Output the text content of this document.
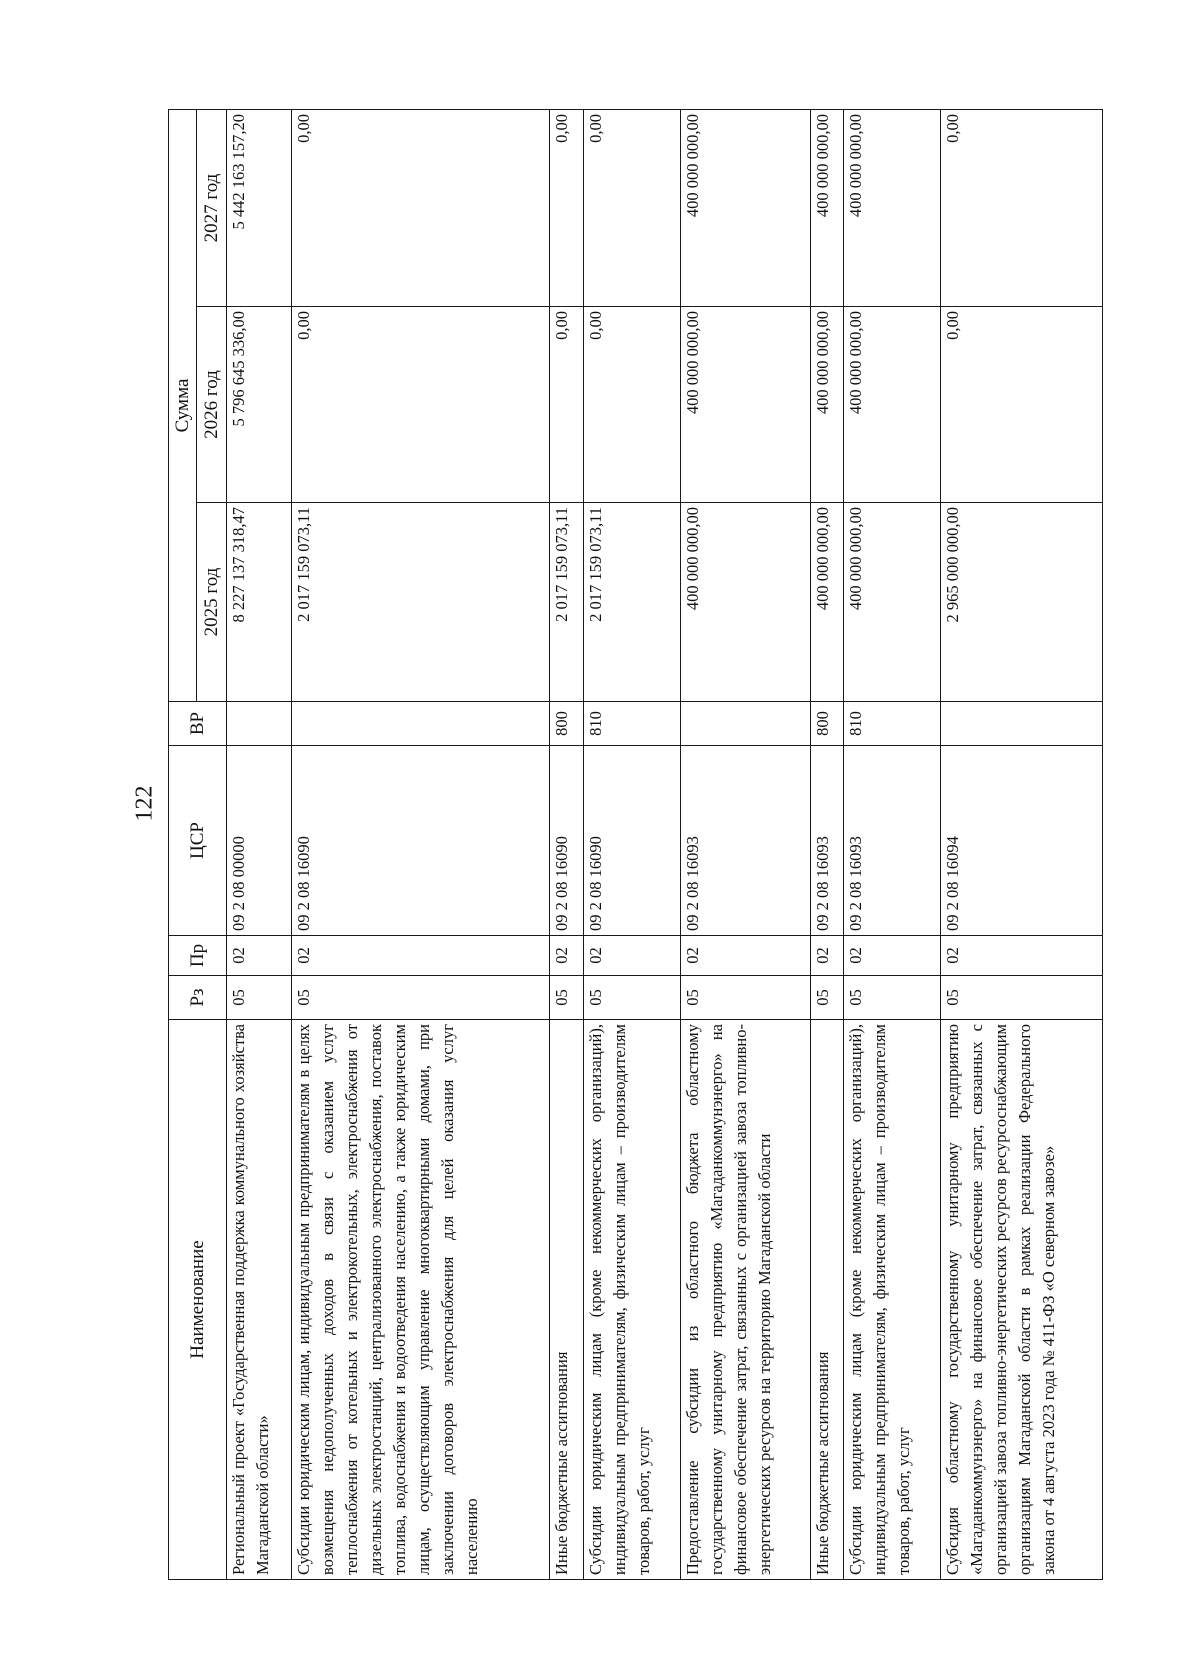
122
Наименование	Рз	Пр	ЦСР	ВР	Сумма		
					2025 год	2026 год	2027 год
Региональный проект «Государственная поддержка коммунального хозяйства Магаданской области»	05	02	09 2 08 00000		8 227 137 318,47	5 796 645 336,00	5 442 163 157,20
Субсидии юридическим лицам, индивидуальным предпринимателям в целях возмещения недополученных доходов в связи с оказанием услуг теплоснабжения от котельных и электрокотельных, электроснабжения от дизельных электростанций, централизованного электроснабжения, поставок топлива, водоснабжения и водоотведения населению, а также юридическим лицам, осуществляющим управление многоквартирными домами, при заключении договоров электроснабжения для целей оказания услуг населению	05	02	09 2 08 16090		2 017 159 073,11	0,00	0,00
Иные бюджетные ассигнования	05	02	09 2 08 16090	800	2 017 159 073,11	0,00	0,00
Субсидии юридическим лицам (кроме некоммерческих организаций), индивидуальным предпринимателям, физическим лицам – производителям товаров, работ, услуг	05	02	09 2 08 16090	810	2 017 159 073,11	0,00	0,00
Предоставление субсидии из областного бюджета областному государственному унитарному предприятию «Магаданкоммунэнерго» на финансовое обеспечение затрат, связанных с организацией завоза топливно-энергетических ресурсов на территорию Магаданской области	05	02	09 2 08 16093		400 000 000,00	400 000 000,00	400 000 000,00
Иные бюджетные ассигнования	05	02	09 2 08 16093	800	400 000 000,00	400 000 000,00	400 000 000,00
Субсидии юридическим лицам (кроме некоммерческих организаций), индивидуальным предпринимателям, физическим лицам – производителям товаров, работ, услуг	05	02	09 2 08 16093	810	400 000 000,00	400 000 000,00	400 000 000,00
Субсидия областному государственному унитарному предприятию «Магаданкоммунэнерго» на финансовое обеспечение затрат, связанных с организацией завоза топливно-энергетических ресурсов ресурсоснабжающим организациям Магаданской области в рамках реализации Федерального закона от 4 августа 2023 года № 411-ФЗ «О северном завозе»	05	02	09 2 08 16094		2 965 000 000,00	0,00	0,00
